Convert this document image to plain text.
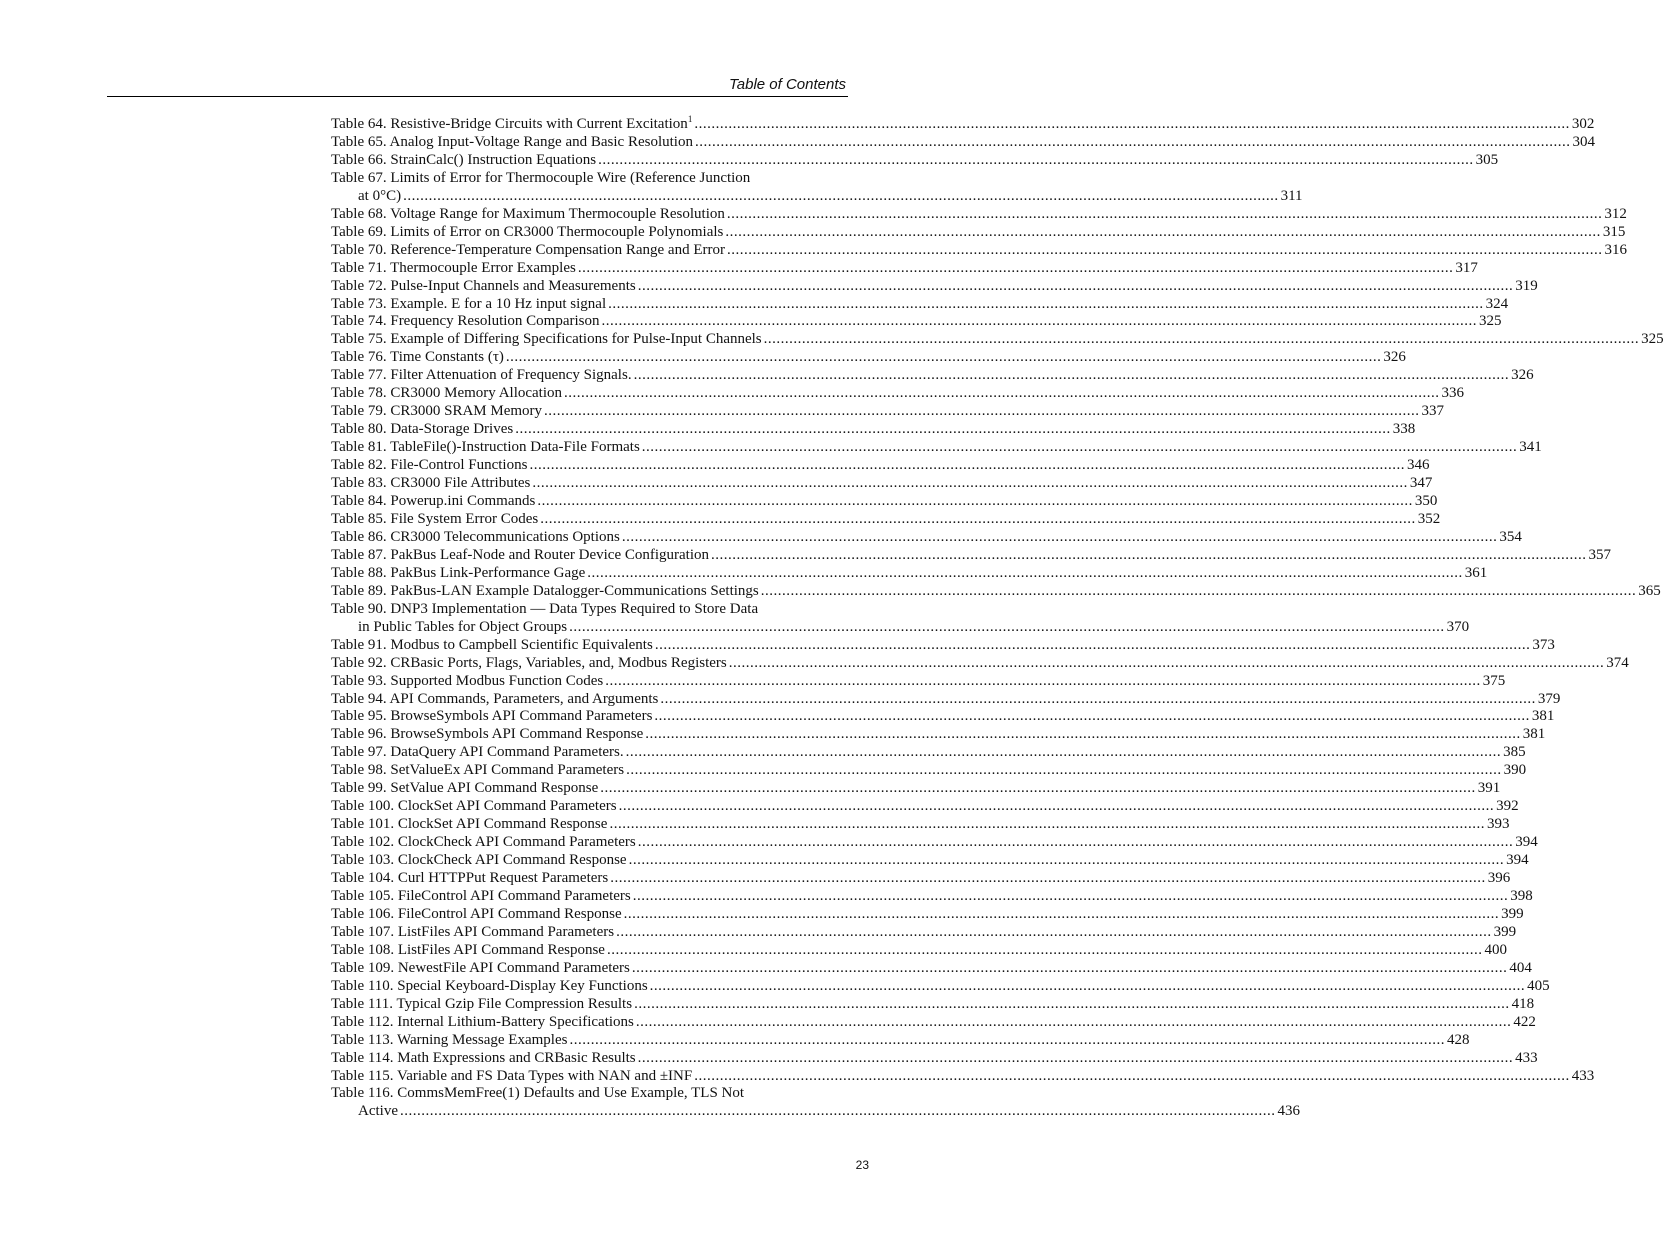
Table of Contents
Table 64. Resistive-Bridge Circuits with Current Excitation$^1$ .....	302
Table 65. Analog Input-Voltage Range and Basic Resolution .....	304
Table 66. StrainCalc() Instruction Equations .....	305
Table 67. Limits of Error for Thermocouple Wire (Reference Junction
at 0°C) .....	311
Table 68. Voltage Range for Maximum Thermocouple Resolution .....	312
Table 69. Limits of Error on CR3000 Thermocouple Polynomials .....	315
Table 70. Reference-Temperature Compensation Range and Error .....	316
Table 71. Thermocouple Error Examples .....	317
Table 72. Pulse-Input Channels and Measurements .....	319
Table 73. Example. E for a 10 Hz input signal .....	324
Table 74. Frequency Resolution Comparison .....	325
Table 75. Example of Differing Specifications for Pulse-Input Channels .....	325
Table 76. Time Constants (τ) .....	326
Table 77. Filter Attenuation of Frequency Signals. .....	326
Table 78. CR3000 Memory Allocation .....	336
Table 79. CR3000 SRAM Memory .....	337
Table 80. Data-Storage Drives .....	338
Table 81. TableFile()-Instruction Data-File Formats .....	341
Table 82. File-Control Functions .....	346
Table 83. CR3000 File Attributes .....	347
Table 84. Powerup.ini Commands .....	350
Table 85. File System Error Codes .....	352
Table 86. CR3000 Telecommunications Options .....	354
Table 87. PakBus Leaf-Node and Router Device Configuration .....	357
Table 88. PakBus Link-Performance Gage .....	361
Table 89. PakBus-LAN Example Datalogger-Communications Settings .....	365
Table 90. DNP3 Implementation — Data Types Required to Store Data
in Public Tables for Object Groups .....	370
Table 91. Modbus to Campbell Scientific Equivalents .....	373
Table 92. CRBasic Ports, Flags, Variables, and, Modbus Registers .....	374
Table 93. Supported Modbus Function Codes .....	375
Table 94. API Commands, Parameters, and Arguments .....	379
Table 95. BrowseSymbols API Command Parameters .....	381
Table 96. BrowseSymbols API Command Response .....	381
Table 97. DataQuery API Command Parameters. .....	385
Table 98. SetValueEx API Command Parameters .....	390
Table 99. SetValue API Command Response .....	391
Table 100. ClockSet API Command Parameters .....	392
Table 101. ClockSet API Command Response .....	393
Table 102. ClockCheck API Command Parameters .....	394
Table 103. ClockCheck API Command Response .....	394
Table 104. Curl HTTPPut Request Parameters .....	396
Table 105. FileControl API Command Parameters .....	398
Table 106. FileControl API Command Response .....	399
Table 107. ListFiles API Command Parameters .....	399
Table 108. ListFiles API Command Response .....	400
Table 109. NewestFile API Command Parameters .....	404
Table 110. Special Keyboard-Display Key Functions .....	405
Table 111. Typical Gzip File Compression Results .....	418
Table 112. Internal Lithium-Battery Specifications .....	422
Table 113. Warning Message Examples .....	428
Table 114. Math Expressions and CRBasic Results .....	433
Table 115. Variable and FS Data Types with NAN and ±INF .....	433
Table 116. CommsMemFree(1) Defaults and Use Example, TLS Not
Active .....	436
23
